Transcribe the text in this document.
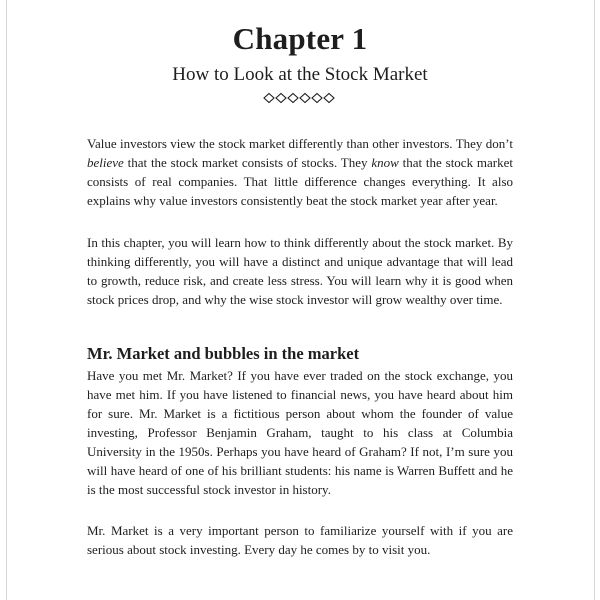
Chapter 1
How to Look at the Stock Market

Value investors view the stock market differently than other investors. They don’t believe that the stock market consists of stocks. They know that the stock market consists of real companies. That little difference changes everything. It also explains why value investors consistently beat the stock market year after year.

In this chapter, you will learn how to think differently about the stock market. By thinking differently, you will have a distinct and unique advantage that will lead to growth, reduce risk, and create less stress. You will learn why it is good when stock prices drop, and why the wise stock investor will grow wealthy over time.

Mr. Market and bubbles in the market

Have you met Mr. Market? If you have ever traded on the stock exchange, you have met him. If you have listened to financial news, you have heard about him for sure. Mr. Market is a fictitious person about whom the founder of value investing, Professor Benjamin Graham, taught to his class at Columbia University in the 1950s. Perhaps you have heard of Graham? If not, I’m sure you will have heard of one of his brilliant students: his name is Warren Buffett and he is the most successful stock investor in history.

Mr. Market is a very important person to familiarize yourself with if you are serious about stock investing. Every day he comes by to visit you.
